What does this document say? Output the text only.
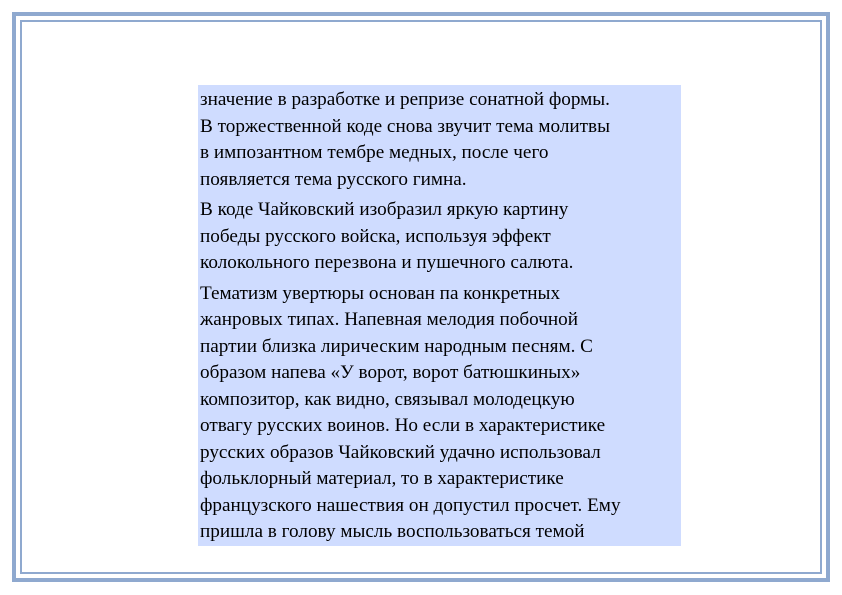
значение в разработке и репризе сонатной формы.
В торжественной коде снова звучит тема молитвы
в импозантном тембре медных, после чего
появляется тема русского гимна.

В коде Чайковский изобразил яркую картину
победы русского войска, используя эффект
колокольного перезвона и пушечного салюта.

Тематизм увертюры основан па конкретных
жанровых типах. Напевная мелодия побочной
партии близка лирическим народным песням. С
образом напева «У ворот, ворот батюшкиных»
композитор, как видно, связывал молодецкую
отвагу русских воинов. Но если в характеристике
русских образов Чайковский удачно использовал
фольклорный материал, то в характеристике
французского нашествия он допустил просчет. Ему
пришла в голову мысль воспользоваться темой
